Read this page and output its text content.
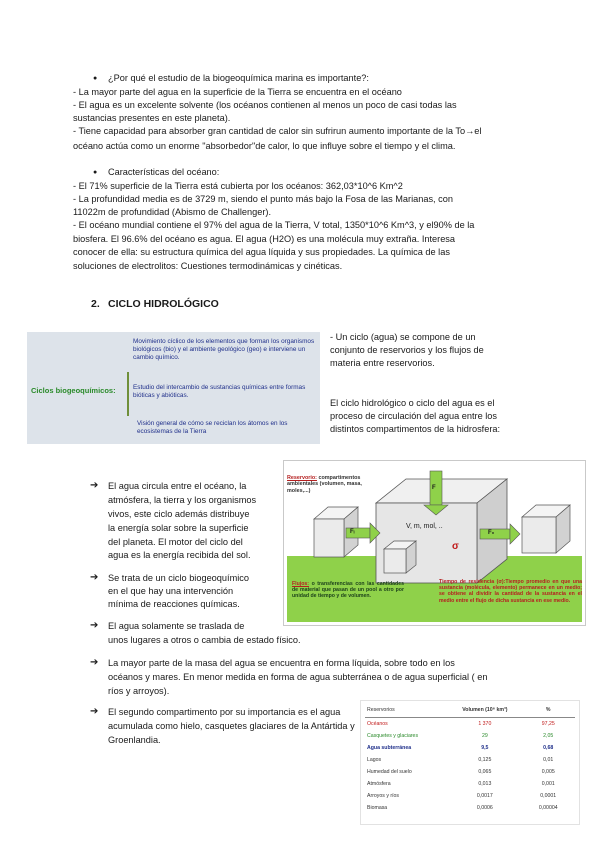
● ¿Por qué el estudio de la biogeoquímica marina es importante?:
- La mayor parte del agua en la superficie de la Tierra se encuentra en el océano
- El agua es un excelente solvente (los océanos contienen al menos un poco de casi todas las
sustancias presentes en este planeta).
- Tiene capacidad para absorber gran cantidad de calor sin sufrirun aumento importante de la To→el
océano actúa como un enorme "absorbedor"de calor, lo que influye sobre el tiempo y el clima.
● Características del océano:
- El 71% superficie de la Tierra está cubierta por los océanos: 362,03*10^6 Km^2
- La profundidad media es de 3729 m, siendo el punto más bajo la Fosa de las Marianas, con
11022m de profundidad (Abismo de Challenger).
- El océano mundial contiene el 97% del agua de la Tierra, V total, 1350*10^6 Km^3, y el90% de la
biosfera. El 96.6% del océano es agua. El agua (H2O) es una molécula muy extraña. Interesa
conocer de ella: su estructura química del agua líquida y sus propiedades. La química de las
soluciones de electrolitos: Cuestiones termodinámicas y cinéticas.
2. CICLO HIDROLÓGICO
Ciclos biogeoquímicos:
Movimiento cíclico de los elementos que forman los organismos biológicos (bio) y el ambiente geológico (geo) e interviene un cambio químico.
Estudio del intercambio de sustancias químicas entre formas bióticas y abióticas.
Visión general de cómo se reciclan los átomos en los ecosistemas de la Tierra
- Un ciclo (agua) se compone de un
conjunto de reservorios y los flujos de
materia entre reservorios.
El ciclo hidrológico o ciclo del agua es el
proceso de circulación del agua entre los
distintos compartimentos de la hidrosfera:
➔ El agua circula entre el océano, la
atmósfera, la tierra y los organismos
vivos, este ciclo además distribuye
la energía solar sobre la superficie
del planeta. El motor del ciclo del
agua es la energía recibida del sol.
➔ Se trata de un ciclo biogeoquímico
en el que hay una intervención
mínima de reacciones químicas.
➔ El agua solamente se traslada de
unos lugares a otros o cambia de estado físico.
➔ La mayor parte de la masa del agua se encuentra en forma líquida, sobre todo en los
océanos y mares. En menor medida en forma de agua subterránea o de agua superficial ( en
ríos y arroyos).
➔ El segundo compartimento por su importancia es el agua
acumulada como hielo, casquetes glaciares de la Antártida y
Groenlandia.
Reservorio: compartimentos ambientales (volumen, masa, moles,...)
V, m, mol, ..
σ
F
Fᵢ	F₀
Flujos: o transferencias con las cantidades de material que pasan de un pool a otro por unidad de tiempo y de volumen.
Tiempo de residencia (σ):Tiempo promedio en que una sustancia (molécula, elemento) permanece en un medio; se obtiene al dividir la cantidad de la sustancia en el medio entre el flujo de dicha sustancia en ese medio.
Reservorios	Volumen (10⁶ km³)	%
Océanos	1 370	97,25
Casquetes y glaciares	29	2,05
Agua subterránea	9,5	0,68
Lagos	0,125	0,01
Humedad del suelo	0,065	0,005
Atmósfera	0,013	0,001
Arroyos y ríos	0,0017	0,0001
Biomasa	0,0006	0,00004
